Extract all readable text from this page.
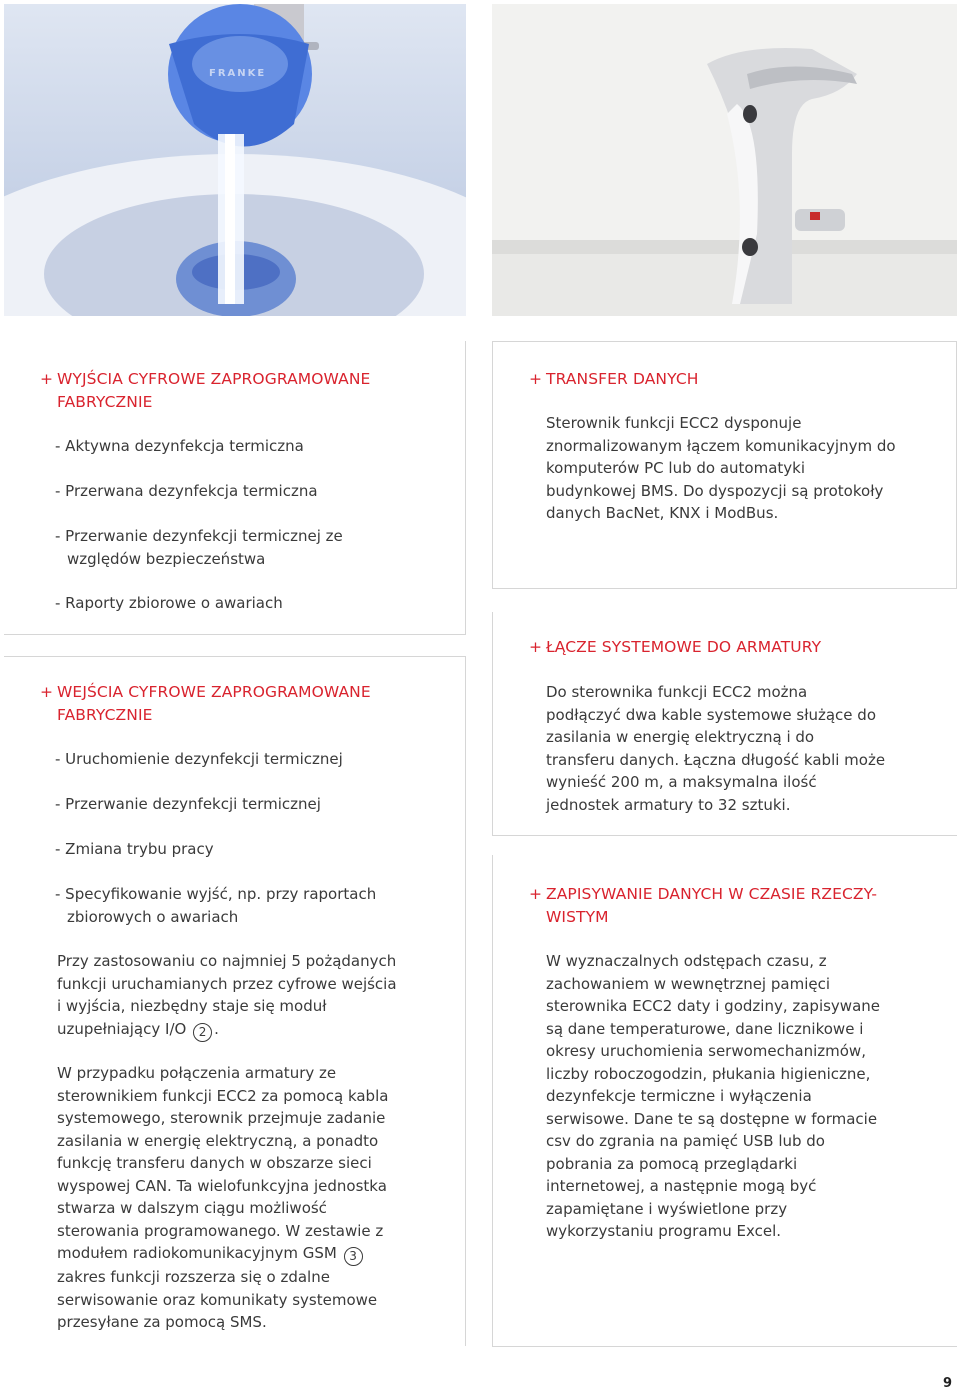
FRANKE
+ WYJŚCIA CYFROWE ZAPROGRAMOWANE
FABRYCZNIE

- Aktywna dezynfekcja termiczna

- Przerwana dezynfekcja termiczna

- Przerwanie dezynfekcji termicznej ze względów bezpieczeństwa

- Raporty zbiorowe o awariach

+ WEJŚCIA CYFROWE ZAPROGRAMOWANE
FABRYCZNIE

- Uruchomienie dezynfekcji termicznej

- Przerwanie dezynfekcji termicznej

- Zmiana trybu pracy

- Specyfikowanie wyjść, np. przy raportach zbiorowych o awariach

Przy zastosowaniu co najmniej 5 pożądanych funkcji uruchamianych przez cyfrowe wejścia i wyjścia, niezbędny staje się moduł uzupełniający I/O 2 .

W przypadku połączenia armatury ze sterownikiem funkcji ECC2 za pomocą kabla systemowego, sterownik przejmuje zadanie zasilania w energię elektryczną, a ponadto funkcję transferu danych w obszarze sieci wyspowej CAN. Ta wielofunkcyjna jednostka stwarza w dalszym ciągu możliwość sterowania programowanego. W zestawie z modułem radiokomunikacyjnym GSM 3 zakres funkcji rozszerza się o zdalne serwisowanie oraz komunikaty systemowe przesyłane za pomocą SMS.

+ TRANSFER DANYCH

Sterownik funkcji ECC2 dysponuje znormalizowanym łączem komunikacyjnym do komputerów PC lub do automatyki budynkowej BMS. Do dyspozycji są protokoły danych BacNet, KNX i ModBus.

+ ŁĄCZE SYSTEMOWE DO ARMATURY

Do sterownika funkcji ECC2 można podłączyć dwa kable systemowe służące do zasilania w energię elektryczną i do transferu danych. Łączna długość kabli może wynieść 200 m, a maksymalna ilość jednostek armatury to 32 sztuki.

+ ZAPISYWANIE DANYCH W CZASIE RZECZY-
WISTYM

W wyznaczalnych odstępach czasu, z zachowaniem w wewnętrznej pamięci sterownika ECC2 daty i godziny, zapisywane są dane temperaturowe, dane licznikowe i okresy uruchomienia serwomechanizmów, liczby roboczogodzin, płukania higieniczne, dezynfekcje termiczne i wyłączenia serwisowe. Dane te są dostępne w formacie csv do zgrania na pamięć USB lub do pobrania za pomocą przeglądarki internetowej, a następnie mogą być zapamiętane i wyświetlone przy wykorzystaniu programu Excel.

9
